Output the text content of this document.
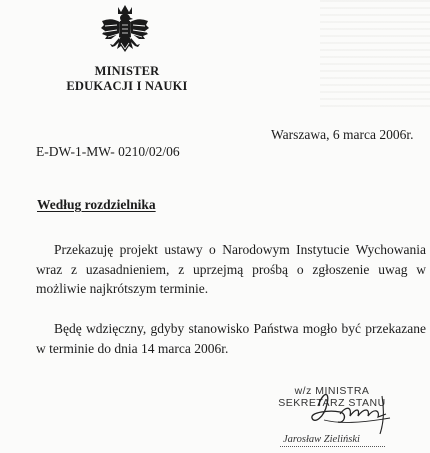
MINISTER
EDUKACJI I NAUKI
Warszawa, 6 marca 2006r.
E-DW-1-MW- 0210/02/06
Według rozdzielnika
Przekazuję projekt ustawy o Narodowym Instytucie Wychowania wraz z uzasadnieniem, z uprzejmą prośbą o zgłoszenie uwag w możliwie najkrótszym terminie.
Będę wdzięczny, gdyby stanowisko Państwa mogło być przekazane w terminie do dnia 14 marca 2006r.
w/z MINISTRA
SEKRETARZ STANU
Jarosław Zieliński
